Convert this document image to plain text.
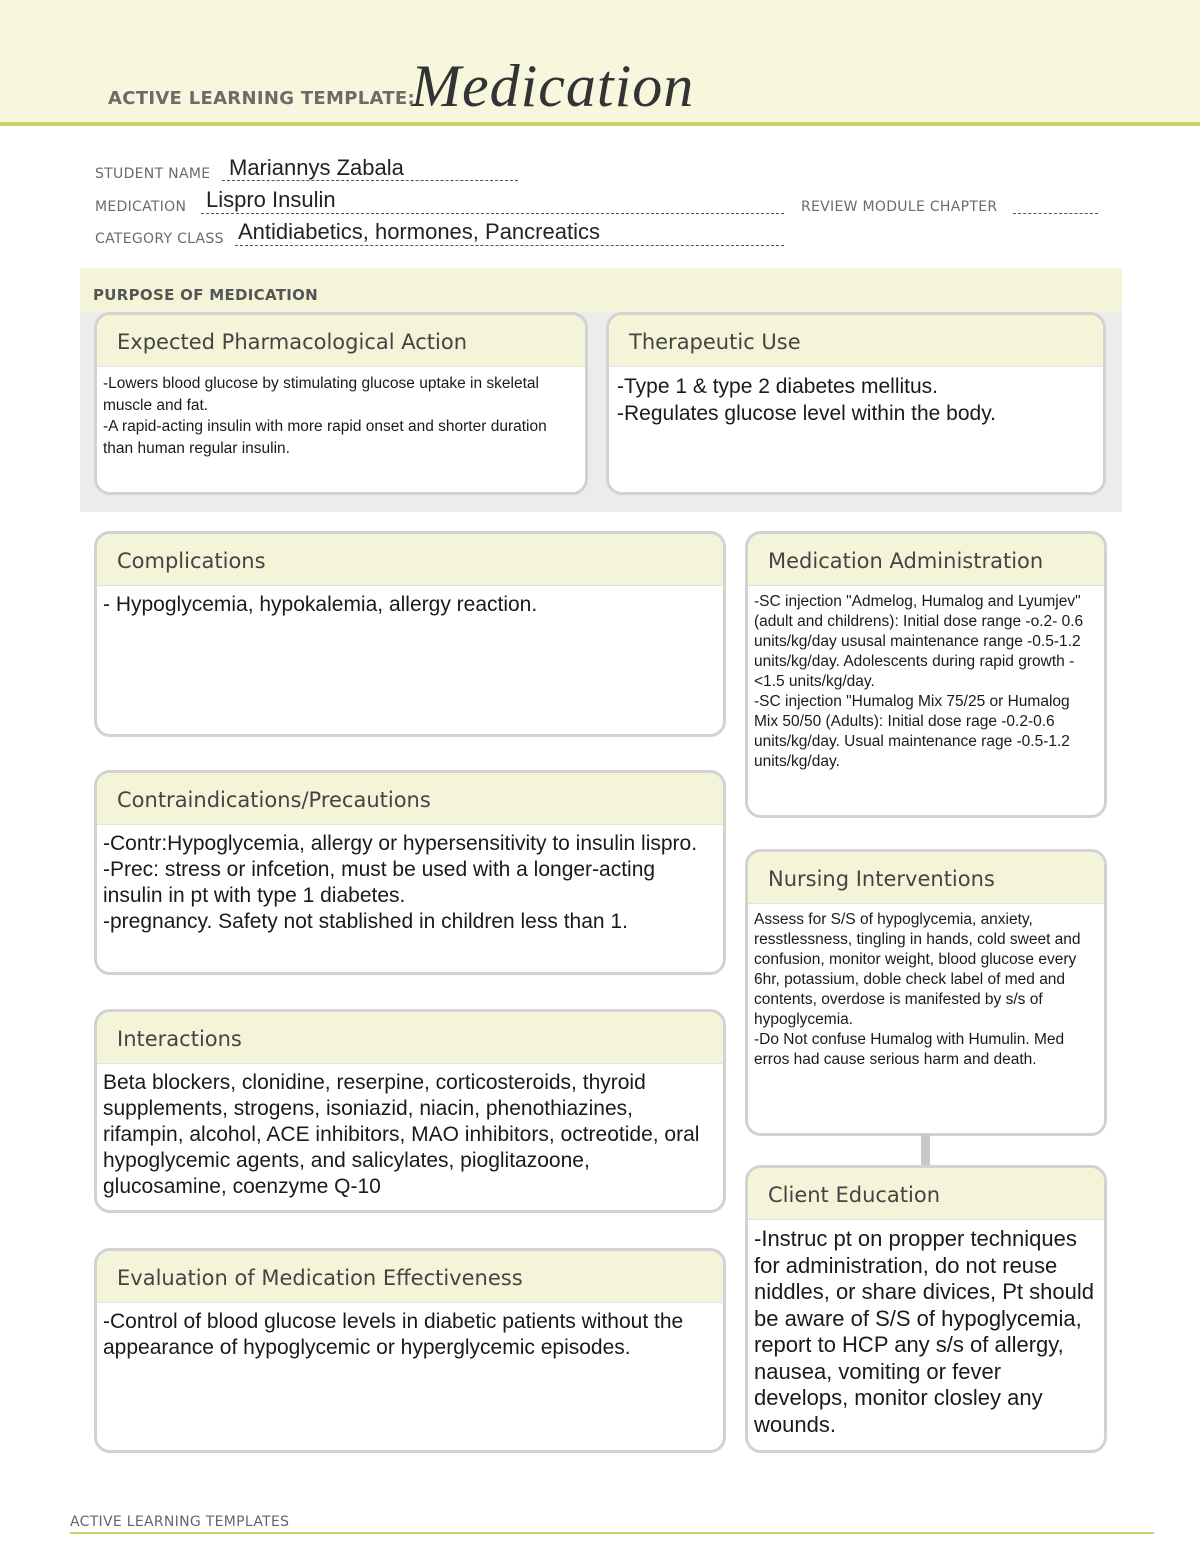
ACTIVE LEARNING TEMPLATE:
Medication
STUDENT NAME Mariannys Zabala
MEDICATION Lispro Insulin	REVIEW MODULE CHAPTER
CATEGORY CLASS Antidiabetics, hormones, Pancreatics
PURPOSE OF MEDICATION
Expected Pharmacological Action
-Lowers blood glucose by stimulating glucose uptake in skeletal muscle and fat.
-A rapid-acting insulin with more rapid onset and shorter duration than human regular insulin.
Therapeutic Use
-Type 1 & type 2 diabetes mellitus.
-Regulates glucose level within the body.
Complications
- Hypoglycemia, hypokalemia, allergy reaction.
Contraindications/Precautions
-Contr:Hypoglycemia, allergy or hypersensitivity to insulin lispro.
-Prec: stress or infcetion, must be used with a longer-acting insulin in pt with type 1 diabetes.
-pregnancy. Safety not stablished in children less than 1.
Interactions
Beta blockers, clonidine, reserpine, corticosteroids, thyroid supplements, strogens, isoniazid, niacin, phenothiazines, rifampin, alcohol, ACE inhibitors, MAO inhibitors, octreotide, oral hypoglycemic agents, and salicylates, pioglitazoone, glucosamine, coenzyme Q-10
Evaluation of Medication Effectiveness
-Control of blood glucose levels in diabetic patients without the appearance of hypoglycemic or hyperglycemic episodes.
Medication Administration
-SC injection "Admelog, Humalog and Lyumjev" (adult and childrens): Initial dose range -o.2- 0.6 units/kg/day ususal maintenance range -0.5-1.2 units/kg/day. Adolescents during rapid growth -<1.5 units/kg/day.
-SC injection "Humalog Mix 75/25 or Humalog Mix 50/50 (Adults): Initial dose rage -0.2-0.6 units/kg/day. Usual maintenance rage -0.5-1.2 units/kg/day.
Nursing Interventions
Assess for S/S of hypoglycemia, anxiety, resstlessness, tingling in hands, cold sweet and confusion, monitor weight, blood glucose every 6hr, potassium, doble check label of med and contents, overdose is manifested by s/s of hypoglycemia.
-Do Not confuse Humalog with Humulin. Med erros had cause serious harm and death.
Client Education
-Instruc pt on propper techniques for administration, do not reuse niddles, or share divices, Pt should be aware of S/S of hypoglycemia, report to HCP any s/s of allergy, nausea, vomiting or fever develops, monitor closley any wounds.
ACTIVE LEARNING TEMPLATES
